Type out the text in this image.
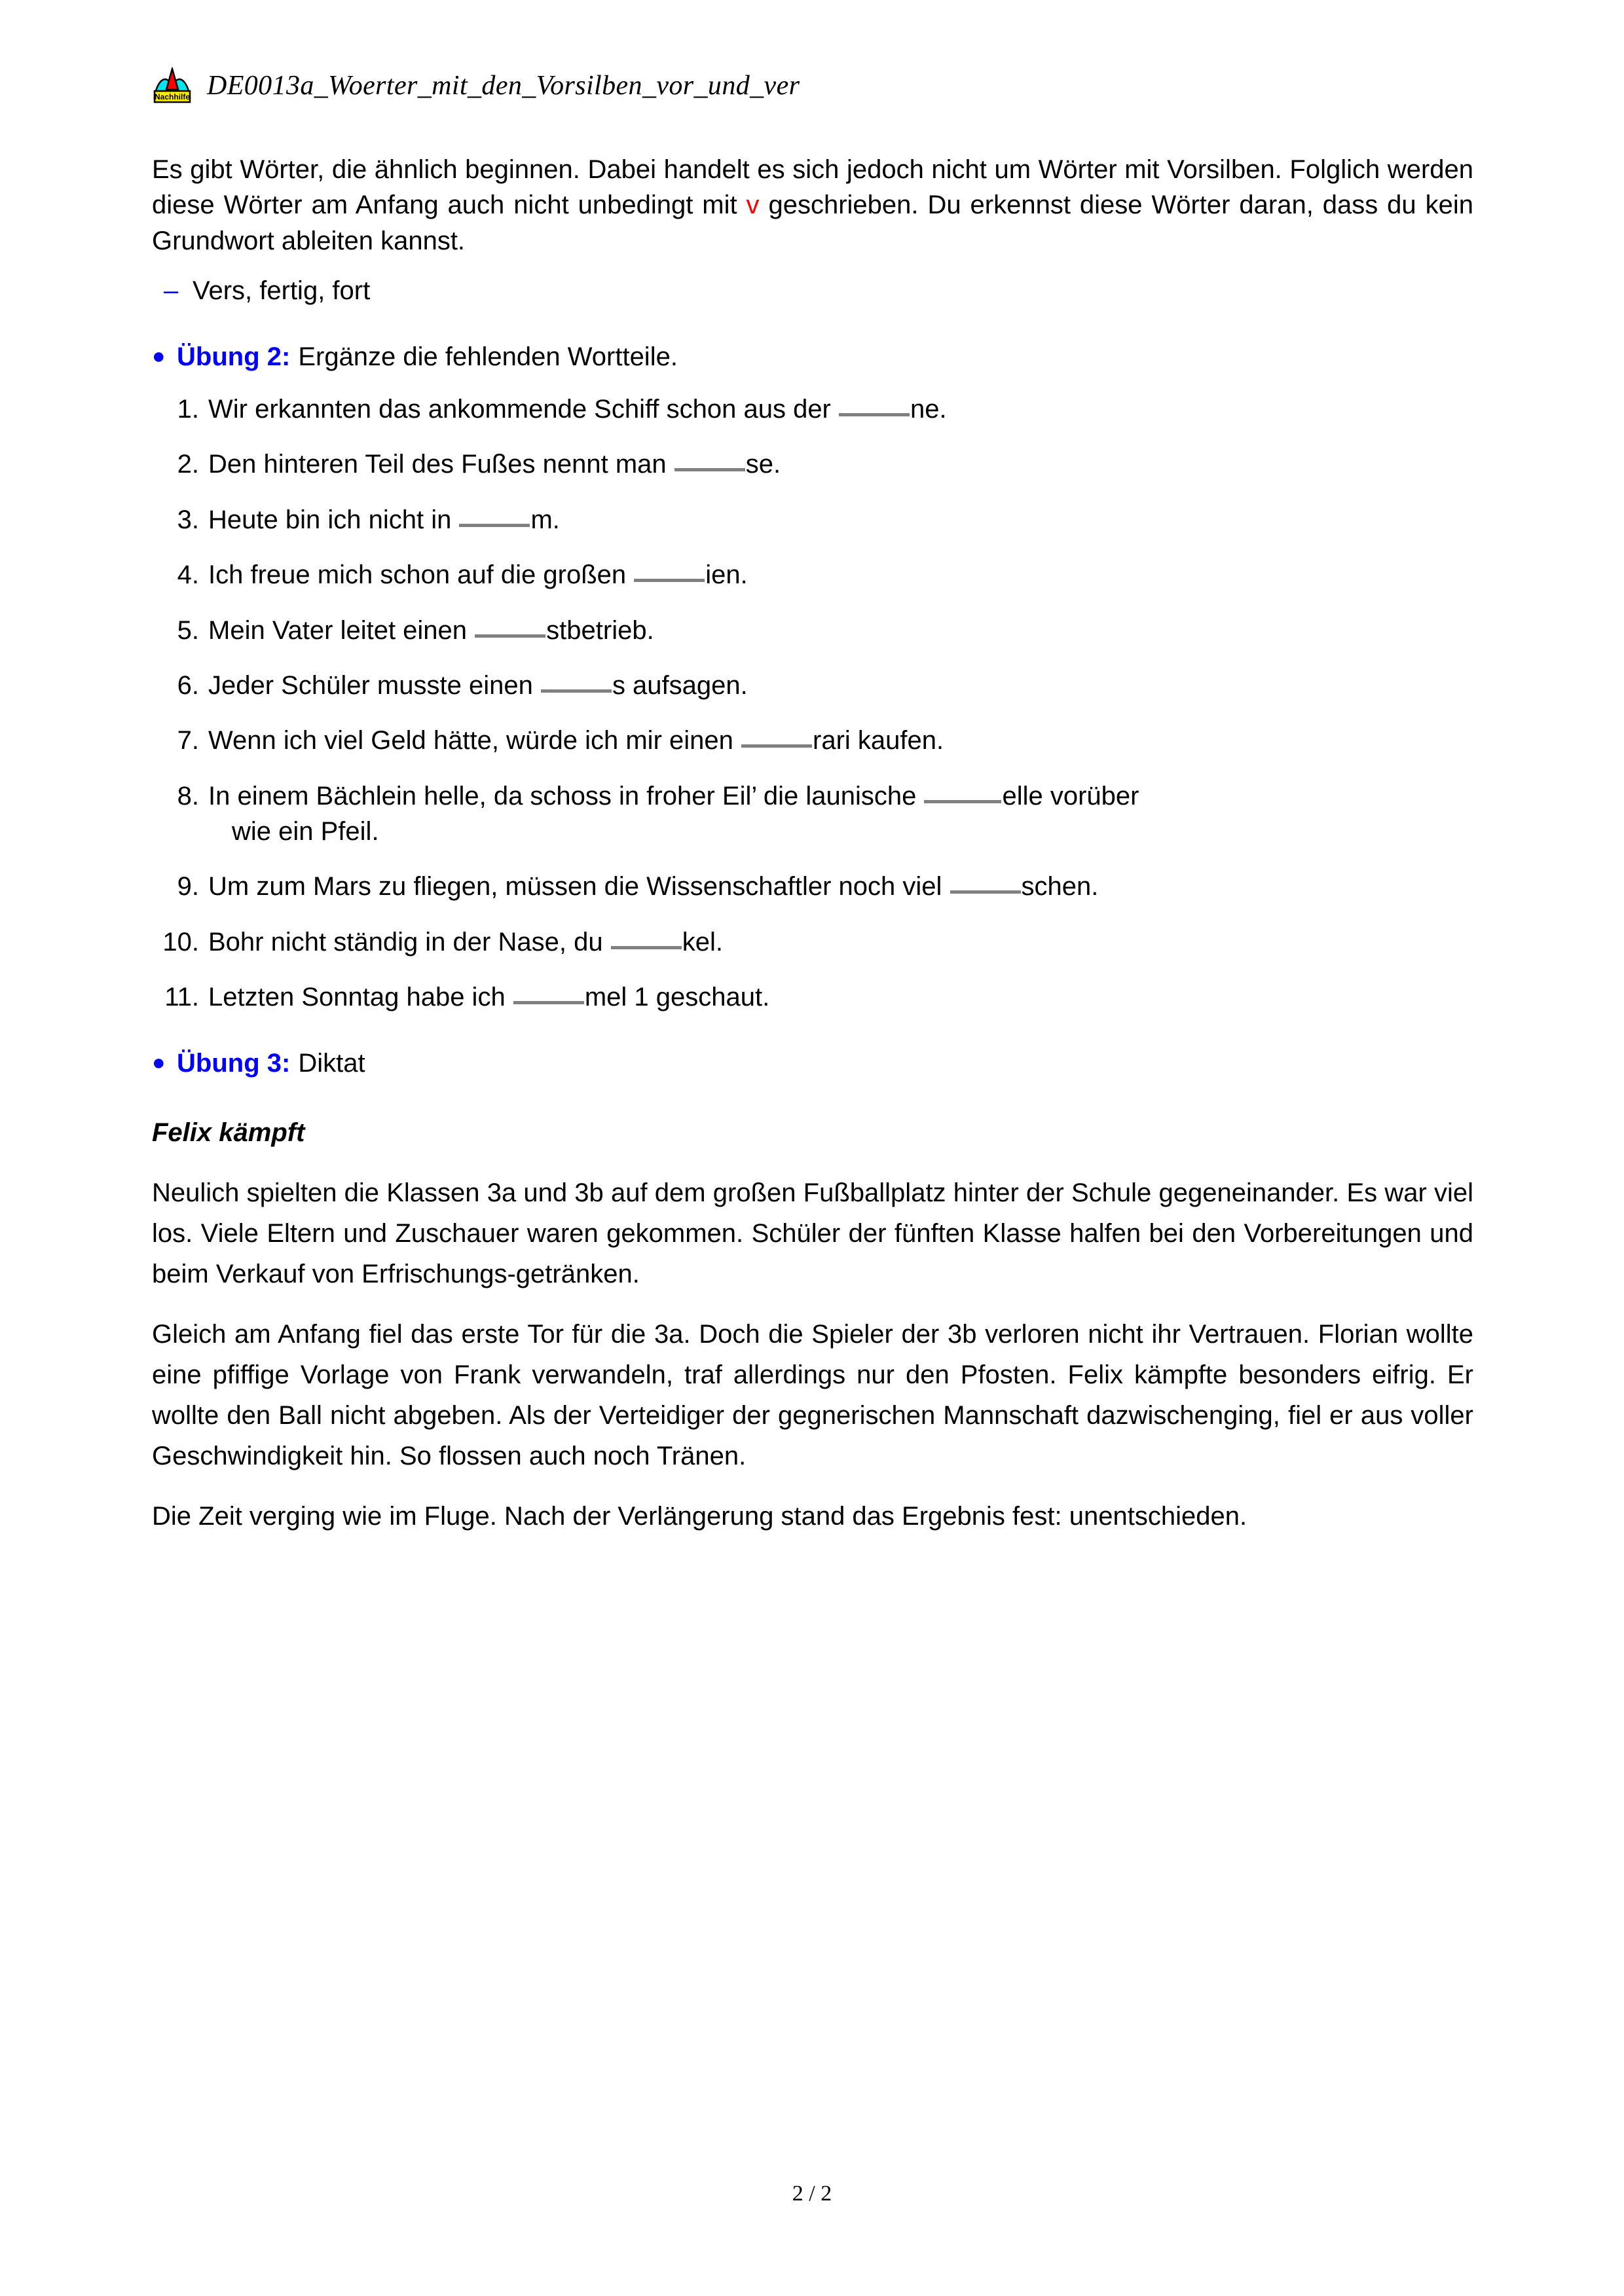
Nachhilfe DE0013a_Woerter_mit_den_Vorsilben_vor_und_ver

Es gibt Wörter, die ähnlich beginnen. Dabei handelt es sich jedoch nicht um Wörter mit Vorsilben. Folglich werden diese Wörter am Anfang auch nicht unbedingt mit v geschrieben. Du erkennst diese Wörter daran, dass du kein Grundwort ableiten kannst.

– Vers, fertig, fort
● Übung 2: Ergänze die fehlenden Wortteile.
1. Wir erkannten das ankommende Schiff schon aus der	ne.
2. Den hinteren Teil des Fußes nennt man	se.
3. Heute bin ich nicht in	m.
4. Ich freue mich schon auf die großen	ien.
5. Mein Vater leitet einen	stbetrieb.
6. Jeder Schüler musste einen	s aufsagen.
7. Wenn ich viel Geld hätte, würde ich mir einen	rari kaufen.
8. In einem Bächlein helle, da schoss in froher Eil’ die launische	elle vorüber
wie ein Pfeil.
9. Um zum Mars zu fliegen, müssen die Wissenschaftler noch viel	schen.
10. Bohr nicht ständig in der Nase, du	kel.
11. Letzten Sonntag habe ich	mel 1 geschaut.
● Übung 3: Diktat

Felix kämpft

Neulich spielten die Klassen 3a und 3b auf dem großen Fußballplatz hinter der Schule gegeneinander. Es war viel los. Viele Eltern und Zuschauer waren gekommen. Schüler der fünften Klasse halfen bei den Vorbereitungen und beim Verkauf von Erfrischungs-getränken.

Gleich am Anfang fiel das erste Tor für die 3a. Doch die Spieler der 3b verloren nicht ihr Vertrauen. Florian wollte eine pfiffige Vorlage von Frank verwandeln, traf allerdings nur den Pfosten. Felix kämpfte besonders eifrig. Er wollte den Ball nicht abgeben. Als der Verteidiger der gegnerischen Mannschaft dazwischenging, fiel er aus voller Geschwindigkeit hin. So flossen auch noch Tränen.

Die Zeit verging wie im Fluge. Nach der Verlängerung stand das Ergebnis fest: unentschieden.

2 / 2
